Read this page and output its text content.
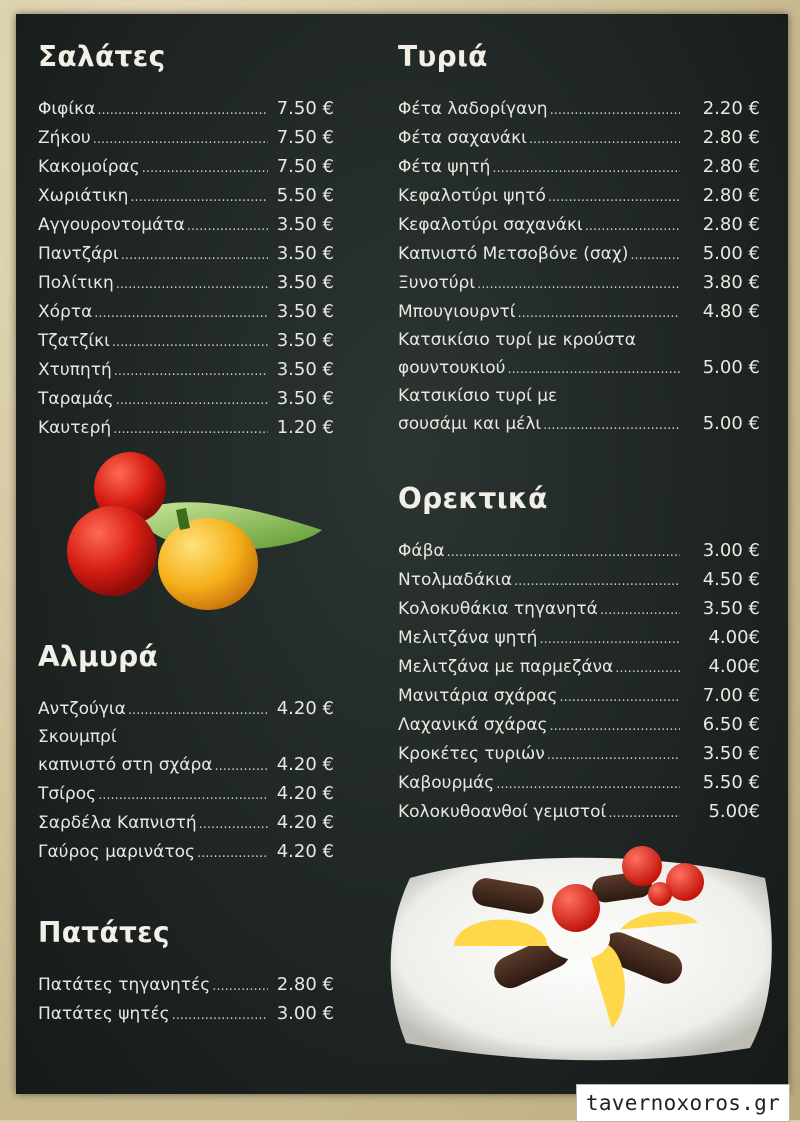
Σαλάτες
Φιφίκα .....	7.50 €
Ζήκου .....	7.50 €
Κακομοίρας .....	7.50 €
Χωριάτικη .....	5.50 €
Αγγουροντομάτα .....	3.50 €
Παντζάρι .....	3.50 €
Πολίτικη .....	3.50 €
Χόρτα .....	3.50 €
Τζατζίκι .....	3.50 €
Χτυπητή .....	3.50 €
Ταραμάς .....	3.50 €
Καυτερή .....	1.20 €
Αλμυρά
Αντζούγια .....	4.20 €
Σκουμπρί
καπνιστό στη σχάρα .....	4.20 €
Τσίρος .....	4.20 €
Σαρδέλα Καπνιστή .....	4.20 €
Γαύρος μαρινάτος .....	4.20 €
Πατάτες
Πατάτες τηγανητές .....	2.80 €
Πατάτες ψητές .....	3.00 €
Τυριά
Φέτα λαδορίγανη .....	2.20 €
Φέτα σαχανάκι .....	2.80 €
Φέτα ψητή .....	2.80 €
Κεφαλοτύρι ψητό .....	2.80 €
Κεφαλοτύρι σαχανάκι .....	2.80 €
Καπνιστό Μετσοβόνε (σαχ) .....	5.00 €
Ξυνοτύρι .....	3.80 €
Μπουγιουρντί .....	4.80 €
Κατσικίσιο τυρί με κρούστα
φουντουκιού .....	5.00 €
Κατσικίσιο τυρί με
σουσάμι και μέλι .....	5.00 €
Ορεκτικά
Φάβα .....	3.00 €
Ντολμαδάκια .....	4.50 €
Κολοκυθάκια τηγανητά .....	3.50 €
Μελιτζάνα ψητή .....	4.00€
Μελιτζάνα με παρμεζάνα .....	4.00€
Μανιτάρια σχάρας .....	7.00 €
Λαχανικά σχάρας .....	6.50 €
Κροκέτες τυριών .....	3.50 €
Καβουρμάς .....	5.50 €
Κολοκυθοανθοί γεμιστοί .....	5.00€
tavernoxoros.gr
